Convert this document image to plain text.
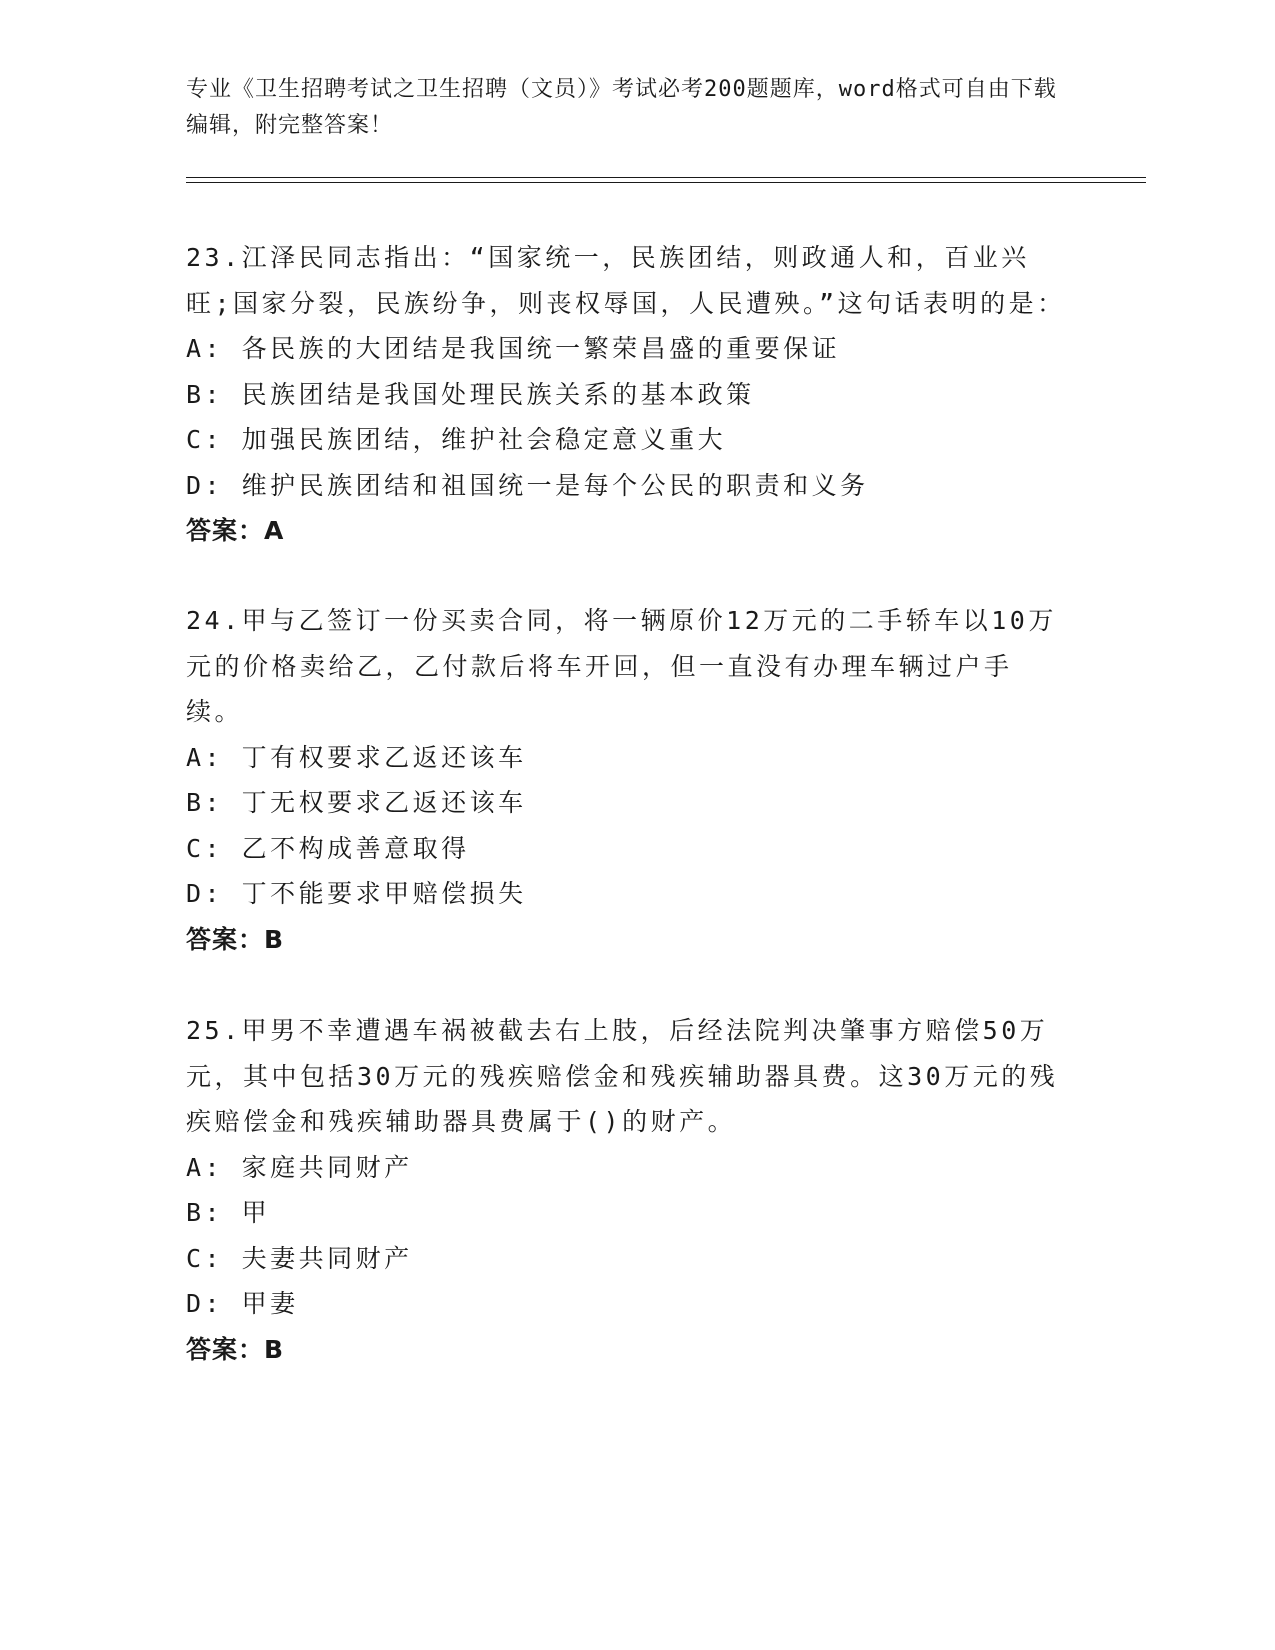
专业《卫生招聘考试之卫生招聘（文员）》考试必考200题题库，word格式可自由下载编辑，附完整答案！

23.江泽民同志指出：“国家统一，民族团结，则政通人和，百业兴旺;国家分裂，民族纷争，则丧权辱国，人民遭殃。”这句话表明的是：

A: 各民族的大团结是我国统一繁荣昌盛的重要保证

B: 民族团结是我国处理民族关系的基本政策

C: 加强民族团结，维护社会稳定意义重大

D: 维护民族团结和祖国统一是每个公民的职责和义务

答案：A

24.甲与乙签订一份买卖合同，将一辆原价12万元的二手轿车以10万元的价格卖给乙，乙付款后将车开回，但一直没有办理车辆过户手续。

A: 丁有权要求乙返还该车

B: 丁无权要求乙返还该车

C: 乙不构成善意取得

D: 丁不能要求甲赔偿损失

答案：B

25.甲男不幸遭遇车祸被截去右上肢，后经法院判决肇事方赔偿50万元，其中包括30万元的残疾赔偿金和残疾辅助器具费。这30万元的残疾赔偿金和残疾辅助器具费属于()的财产。

A: 家庭共同财产

B: 甲

C: 夫妻共同财产

D: 甲妻

答案：B
